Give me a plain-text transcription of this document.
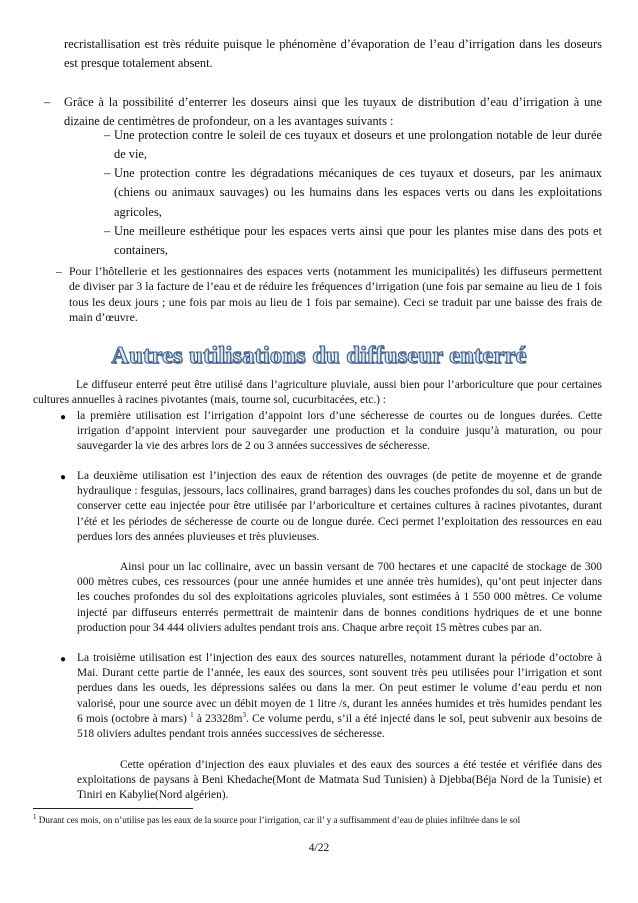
recristallisation est très réduite puisque le phénomène d’évaporation de l’eau d’irrigation dans les doseurs est presque totalement absent.

– Grâce à la possibilité d’enterrer les doseurs ainsi que les tuyaux de distribution d’eau d’irrigation à une dizaine de centimètres de profondeur, on a les avantages suivants :

– Une protection contre le soleil de ces tuyaux et doseurs et une prolongation notable de leur durée de vie,

– Une protection contre les dégradations mécaniques de ces tuyaux et doseurs, par les animaux (chiens ou animaux sauvages) ou les humains dans les espaces verts ou dans les exploitations agricoles,

– Une meilleure esthétique pour les espaces verts ainsi que pour les plantes mise dans des pots et containers,

– Pour l’hôtellerie et les gestionnaires des espaces verts (notamment les municipalités) les diffuseurs permettent de diviser par 3 la facture de l’eau et de réduire les fréquences d’irrigation (une fois par semaine au lieu de 1 fois tous les deux jours ; une fois par mois au lieu de 1 fois par semaine). Ceci se traduit par une baisse des frais de main d’œuvre.

Autres utilisations du diffuseur enterré

Le diffuseur enterré peut être utilisé dans l’agriculture pluviale, aussi bien pour l’arboriculture que pour certaines cultures annuelles à racines pivotantes (mais, tourne sol, cucurbitacées, etc.) :

● la première utilisation est l’irrigation d’appoint lors d’une sécheresse de courtes ou de longues durées. Cette irrigation d’appoint intervient pour sauvegarder une production et la conduire jusqu’à maturation, ou pour sauvegarder la vie des arbres lors de 2 ou 3 années successives de sécheresse.

● La deuxième utilisation est l’injection des eaux de rétention des ouvrages (de petite de moyenne et de grande hydraulique : fesguias, jessours, lacs collinaires, grand barrages) dans les couches profondes du sol, dans un but de conserver cette eau injectée pour être utilisée par l’arboriculture et certaines cultures à racines pivotantes, durant l’été et les périodes de sécheresse de courte ou de longue durée. Ceci permet l’exploitation des ressources en eau perdues lors des années pluvieuses et très pluvieuses.

Ainsi pour un lac collinaire, avec un bassin versant de 700 hectares et une capacité de stockage de 300 000 mètres cubes, ces ressources (pour une année humides et une année très humides), qu’ont peut injecter dans les couches profondes du sol des exploitations agricoles pluviales, sont estimées à 1 550 000 mètres. Ce volume injecté par diffuseurs enterrés permettrait de maintenir dans de bonnes conditions hydriques de et une bonne production pour 34 444 oliviers adultes pendant trois ans. Chaque arbre reçoit 15 mètres cubes par an.

● La troisième utilisation est l’injection des eaux des sources naturelles, notamment durant la période d’octobre à Mai. Durant cette partie de l’année, les eaux des sources, sont souvent très peu utilisées pour l’irrigation et sont perdues dans les oueds, les dépressions salées ou dans la mer. On peut estimer le volume d’eau perdu et non valorisé, pour une source avec un débit moyen de 1 litre /s, durant les années humides et très humides pendant les 6 mois (octobre à mars) $^1$ à $23328m^3$. Ce volume perdu, s’il a été injecté dans le sol, peut subvenir aux besoins de 518 oliviers adultes pendant trois années successives de sécheresse.

Cette opération d’injection des eaux pluviales et des eaux des sources a été testée et vérifiée dans des exploitations de paysans à Beni Khedache(Mont de Matmata Sud Tunisien) à Djebba(Béja Nord de la Tunisie) et Tiniri en Kabylie(Nord algérien).

$^1$ Durant ces mois, on n’utilise pas les eaux de la source pour l’irrigation, car il’ y a suffisamment d’eau de pluies infiltrée dans le sol

4/22
